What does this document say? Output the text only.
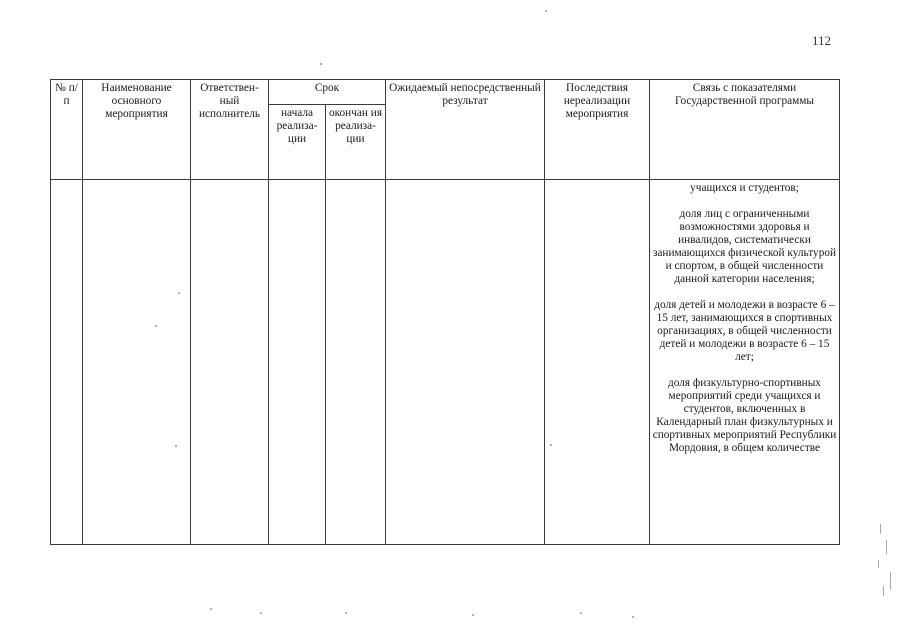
112
№ п/п	Наименование основного мероприятия	Ответствен-ный исполнитель	Срок		Ожидаемый непосредственный результат	Последствия нереализации мероприятия	Связь с показателями Государственной программы
			начала реализа-ции	окончан ия реализа-ции			

							учащихся и студентов;
доля лиц с ограниченными возможностями здоровья и инвалидов, систематически занимающихся физической культурой и спортом, в общей численности данной категории населения;
доля детей и молодежи в возрасте 6 – 15 лет, занимающихся в спортивных организациях, в общей численности детей и молодежи в возрасте 6 – 15 лет;
доля физкультурно-спортивных мероприятий среди учащихся и студентов, включенных в Календарный план физкультурных и спортивных мероприятий Республики Мордовия, в общем количестве
